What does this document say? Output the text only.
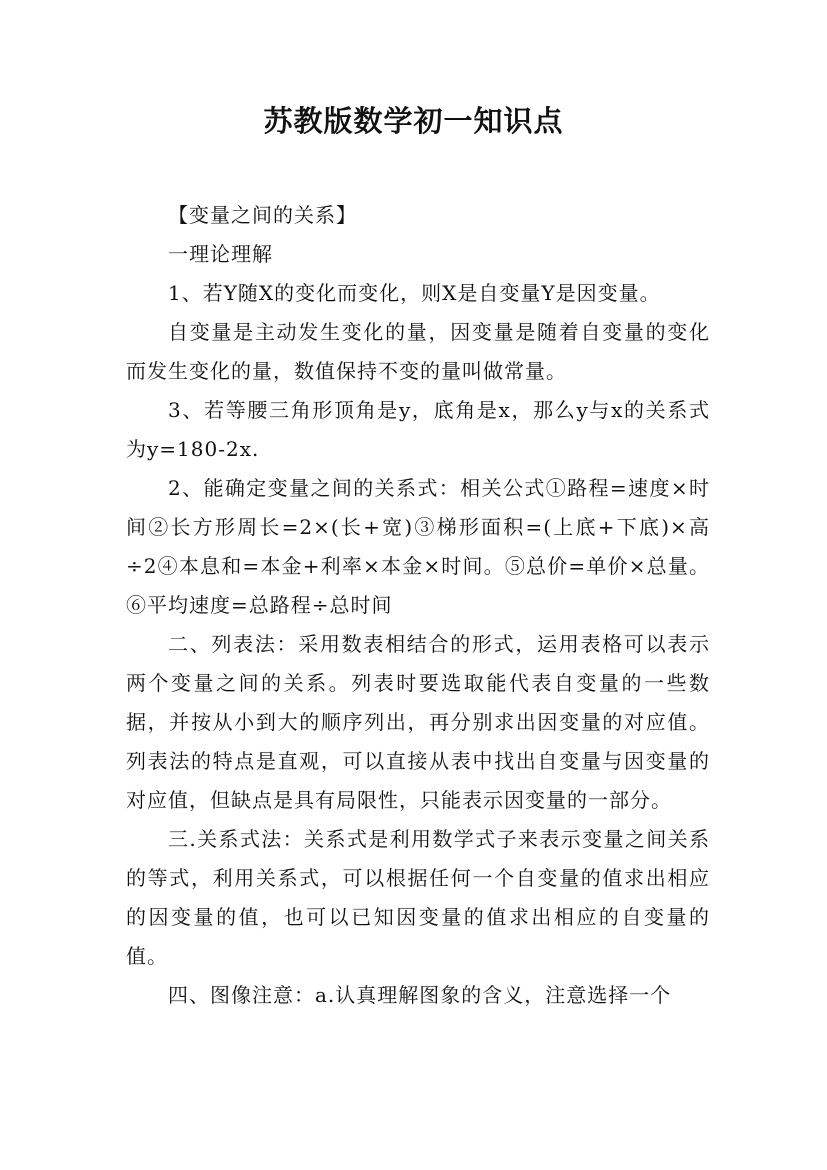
苏教版数学初一知识点

【变量之间的关系】

一理论理解

1、若Y随X的变化而变化，则X是自变量Y是因变量。

自变量是主动发生变化的量，因变量是随着自变量的变化而发生变化的量，数值保持不变的量叫做常量。

3、若等腰三角形顶角是y，底角是x，那么y与x的关系式为y=180-2x.

2、能确定变量之间的关系式：相关公式①路程=速度×时间②长方形周长=2×(长+宽)③梯形面积=(上底+下底)×高÷2④本息和=本金+利率×本金×时间。⑤总价=单价×总量。⑥平均速度=总路程÷总时间

二、列表法：采用数表相结合的形式，运用表格可以表示两个变量之间的关系。列表时要选取能代表自变量的一些数据，并按从小到大的顺序列出，再分别求出因变量的对应值。列表法的特点是直观，可以直接从表中找出自变量与因变量的对应值，但缺点是具有局限性，只能表示因变量的一部分。

三.关系式法：关系式是利用数学式子来表示变量之间关系的等式，利用关系式，可以根据任何一个自变量的值求出相应的因变量的值，也可以已知因变量的值求出相应的自变量的值。

四、图像注意：a.认真理解图象的含义，注意选择一个
